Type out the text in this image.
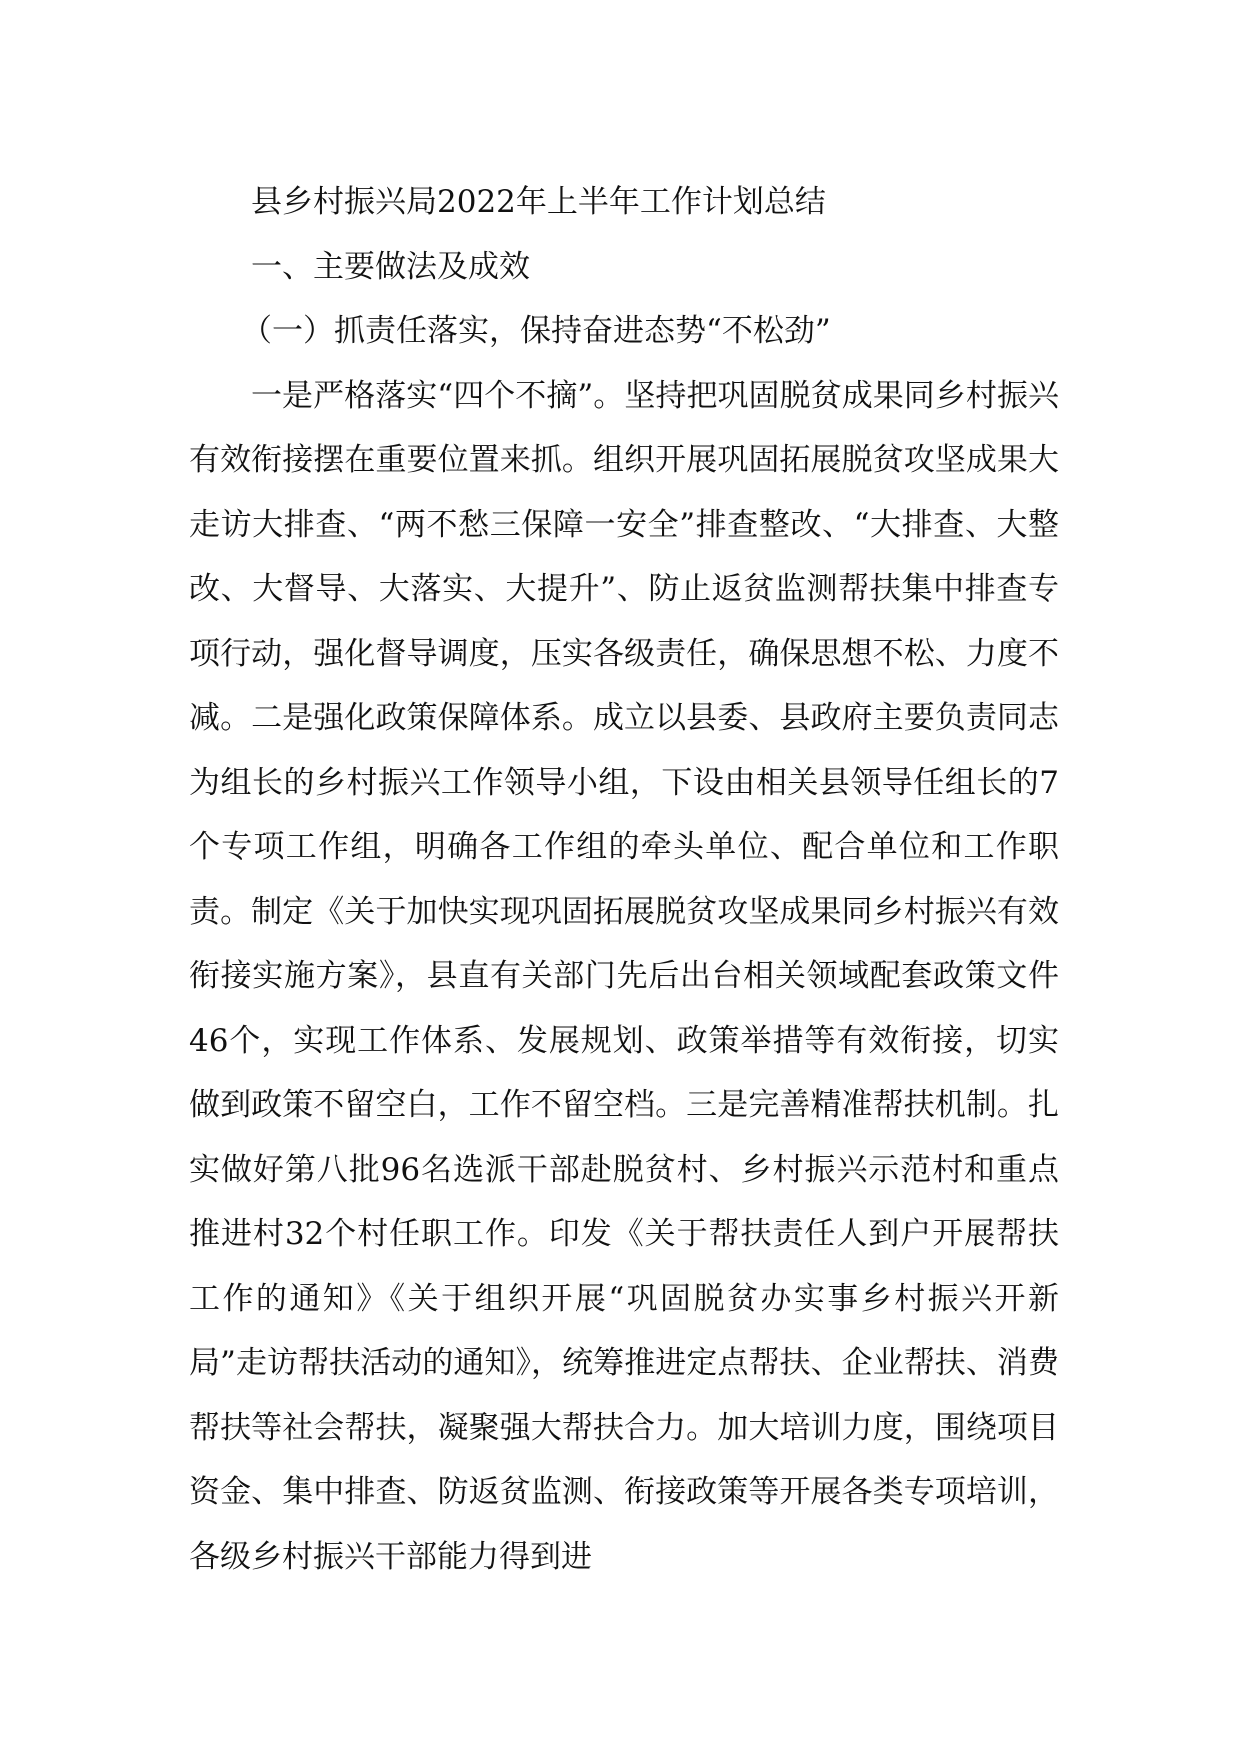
县乡村振兴局2022年上半年工作计划总结

一、主要做法及成效

（一）抓责任落实，保持奋进态势“不松劲”

一是严格落实“四个不摘”。坚持把巩固脱贫成果同乡村振兴有效衔接摆在重要位置来抓。组织开展巩固拓展脱贫攻坚成果大走访大排查、“两不愁三保障一安全”排查整改、“大排查、大整改、大督导、大落实、大提升”、防止返贫监测帮扶集中排查专项行动，强化督导调度，压实各级责任，确保思想不松、力度不减。二是强化政策保障体系。成立以县委、县政府主要负责同志为组长的乡村振兴工作领导小组，下设由相关县领导任组长的7个专项工作组，明确各工作组的牵头单位、配合单位和工作职责。制定《关于加快实现巩固拓展脱贫攻坚成果同乡村振兴有效衔接实施方案》，县直有关部门先后出台相关领域配套政策文件46个，实现工作体系、发展规划、政策举措等有效衔接，切实做到政策不留空白，工作不留空档。三是完善精准帮扶机制。扎实做好第八批96名选派干部赴脱贫村、乡村振兴示范村和重点推进村32个村任职工作。印发《关于帮扶责任人到户开展帮扶工作的通知》《关于组织开展“巩固脱贫办实事乡村振兴开新局”走访帮扶活动的通知》，统筹推进定点帮扶、企业帮扶、消费帮扶等社会帮扶，凝聚强大帮扶合力。加大培训力度，围绕项目资金、集中排查、防返贫监测、衔接政策等开展各类专项培训，各级乡村振兴干部能力得到进
